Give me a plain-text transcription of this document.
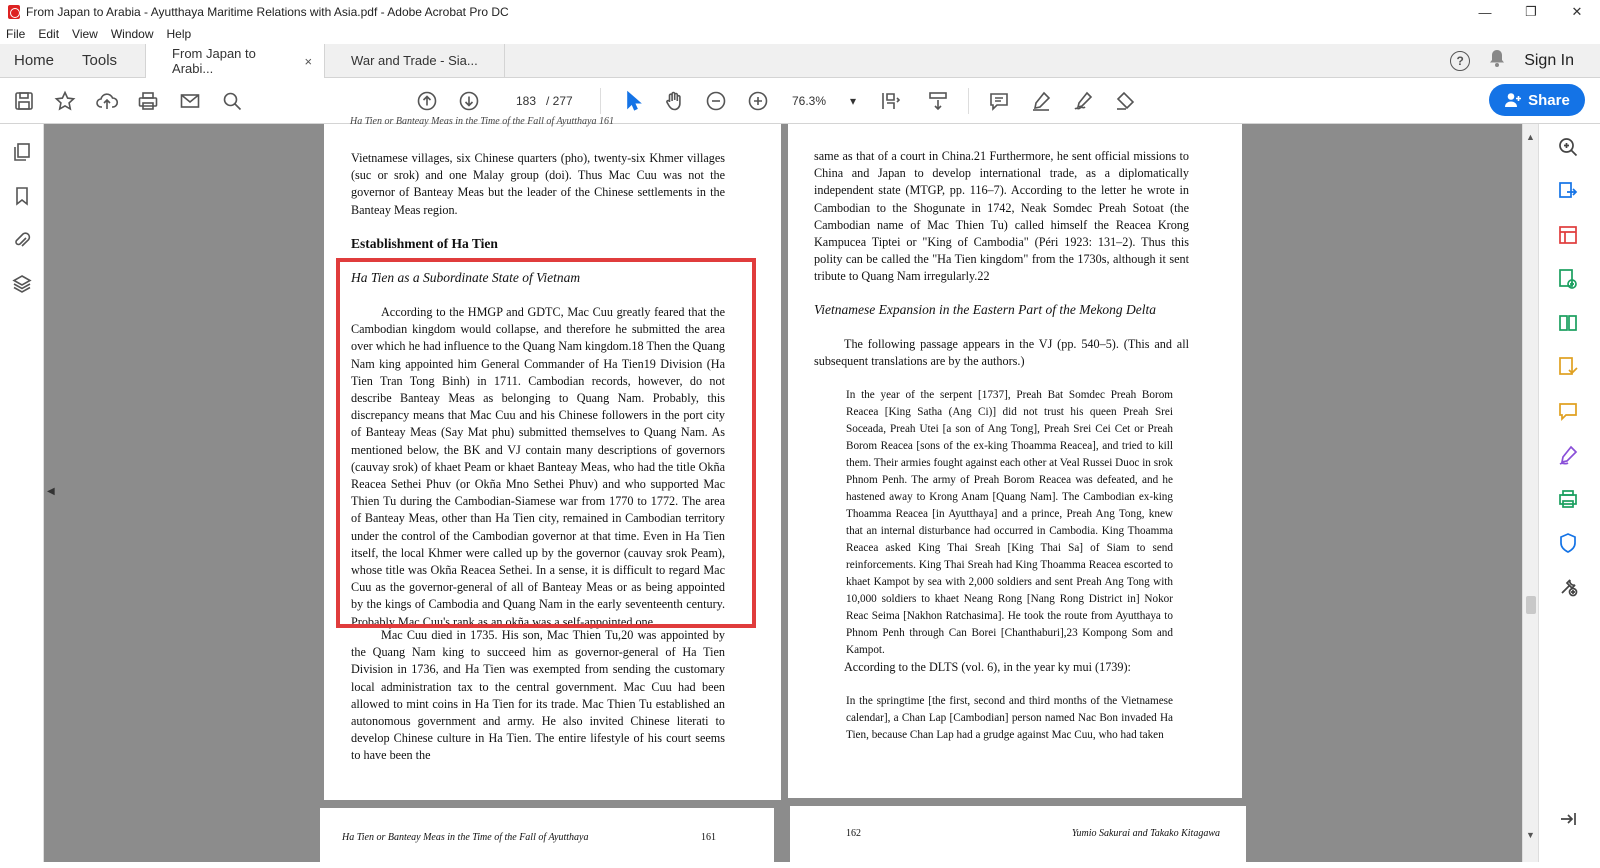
From Japan to Arabia - Ayutthaya Maritime Relations with Asia.pdf - Adobe Acrobat Pro DC	—	❐	✕
File Edit View Window Help
Home	Tools	From Japan to Arabi...	×	War and Trade - Sia...	?	Sign In
183 / 277	76.3% ▾	Share
◀
Ha Tien or Banteay Meas in the Time of the Fall of Ayutthaya 161

Vietnamese villages, six Chinese quarters (pho), twenty-six Khmer villages (suc or srok) and one Malay group (doi). Thus Mac Cuu was not the governor of Banteay Meas but the leader of the Chinese settlements in the Banteay Meas region.

Establishment of Ha Tien
Ha Tien as a Subordinate State of Vietnam

According to the HMGP and GDTC, Mac Cuu greatly feared that the Cambodian kingdom would collapse, and therefore he submitted the area over which he had influence to the Quang Nam kingdom.18 Then the Quang Nam king appointed him General Commander of Ha Tien19 Division (Ha Tien Tran Tong Binh) in 1711. Cambodian records, however, do not describe Banteay Meas as belonging to Quang Nam. Probably, this discrepancy means that Mac Cuu and his Chinese followers in the port city of Banteay Meas (Say Mat phu) submitted themselves to Quang Nam. As mentioned below, the BK and VJ contain many descriptions of governors (cauvay srok) of khaet Peam or khaet Banteay Meas, who had the title Okña Reacea Sethei Phuv (or Okña Mno Sethei Phuv) and who supported Mac Thien Tu during the Cambodian-Siamese war from 1770 to 1772. The area of Banteay Meas, other than Ha Tien city, remained in Cambodian territory under the control of the Cambodian governor at that time. Even in Ha Tien itself, the local Khmer were called up by the governor (cauvay srok Peam), whose title was Okña Reacea Sethei. In a sense, it is difficult to regard Mac Cuu as the governor-general of all of Banteay Meas or as being appointed by the kings of Cambodia and Quang Nam in the early seventeenth century. Probably Mac Cuu's rank as an okña was a self-appointed one.

Mac Cuu died in 1735. His son, Mac Thien Tu,20 was appointed by the Quang Nam king to succeed him as governor-general of Ha Tien Division in 1736, and Ha Tien was exempted from sending the customary local administration tax to the central government. Mac Cuu had been allowed to mint coins in Ha Tien for its trade. Mac Thien Tu established an autonomous government and army. He also invited Chinese literati to develop Chinese culture in Ha Tien. The entire lifestyle of his court seems to have been the

same as that of a court in China.21 Furthermore, he sent official missions to China and Japan to develop international trade, as a diplomatically independent state (MTGP, pp. 116–7). According to the letter he wrote in Cambodian to the Shogunate in 1742, Neak Somdec Preah Sotoat (the Cambodian name of Mac Thien Tu) called himself the Reacea Krong Kampucea Tiptei or "King of Cambodia" (Péri 1923: 131–2). Thus this polity can be called the "Ha Tien kingdom" from the 1730s, although it sent tribute to Quang Nam irregularly.22

Vietnamese Expansion in the Eastern Part of the Mekong Delta

The following passage appears in the VJ (pp. 540–5). (This and all subsequent translations are by the authors.)

In the year of the serpent [1737], Preah Bat Somdec Preah Borom Reacea [King Satha (Ang Ci)] did not trust his queen Preah Srei Soceada, Preah Utei [a son of Ang Tong], Preah Srei Cei Cet or Preah Borom Reacea [sons of the ex-king Thoamma Reacea], and tried to kill them. Their armies fought against each other at Veal Russei Duoc in srok Phnom Penh. The army of Preah Borom Reacea was defeated, and he hastened away to Krong Anam [Quang Nam]. The Cambodian ex-king Thoamma Reacea [in Ayutthaya] and a prince, Preah Ang Tong, knew that an internal disturbance had occurred in Cambodia. King Thoamma Reacea asked King Thai Sreah [King Thai Sa] of Siam to send reinforcements. King Thai Sreah had King Thoamma Reacea escorted to khaet Kampot by sea with 2,000 soldiers and sent Preah Ang Tong with 10,000 soldiers to khaet Neang Rong [Nang Rong District in] Nokor Reac Seima [Nakhon Ratchasima]. He took the route from Ayutthaya to Phnom Penh through Can Borei [Chanthaburi],23 Kompong Som and Kampot.

According to the DLTS (vol. 6), in the year ky mui (1739):

In the springtime [the first, second and third months of the Vietnamese calendar], a Chan Lap [Cambodian] person named Nac Bon invaded Ha Tien, because Chan Lap had a grudge against Mac Cuu, who had taken

Ha Tien or Banteay Meas in the Time of the Fall of Ayutthaya	161	162	Yumio Sakurai and Takako Kitagawa
▲
▼
